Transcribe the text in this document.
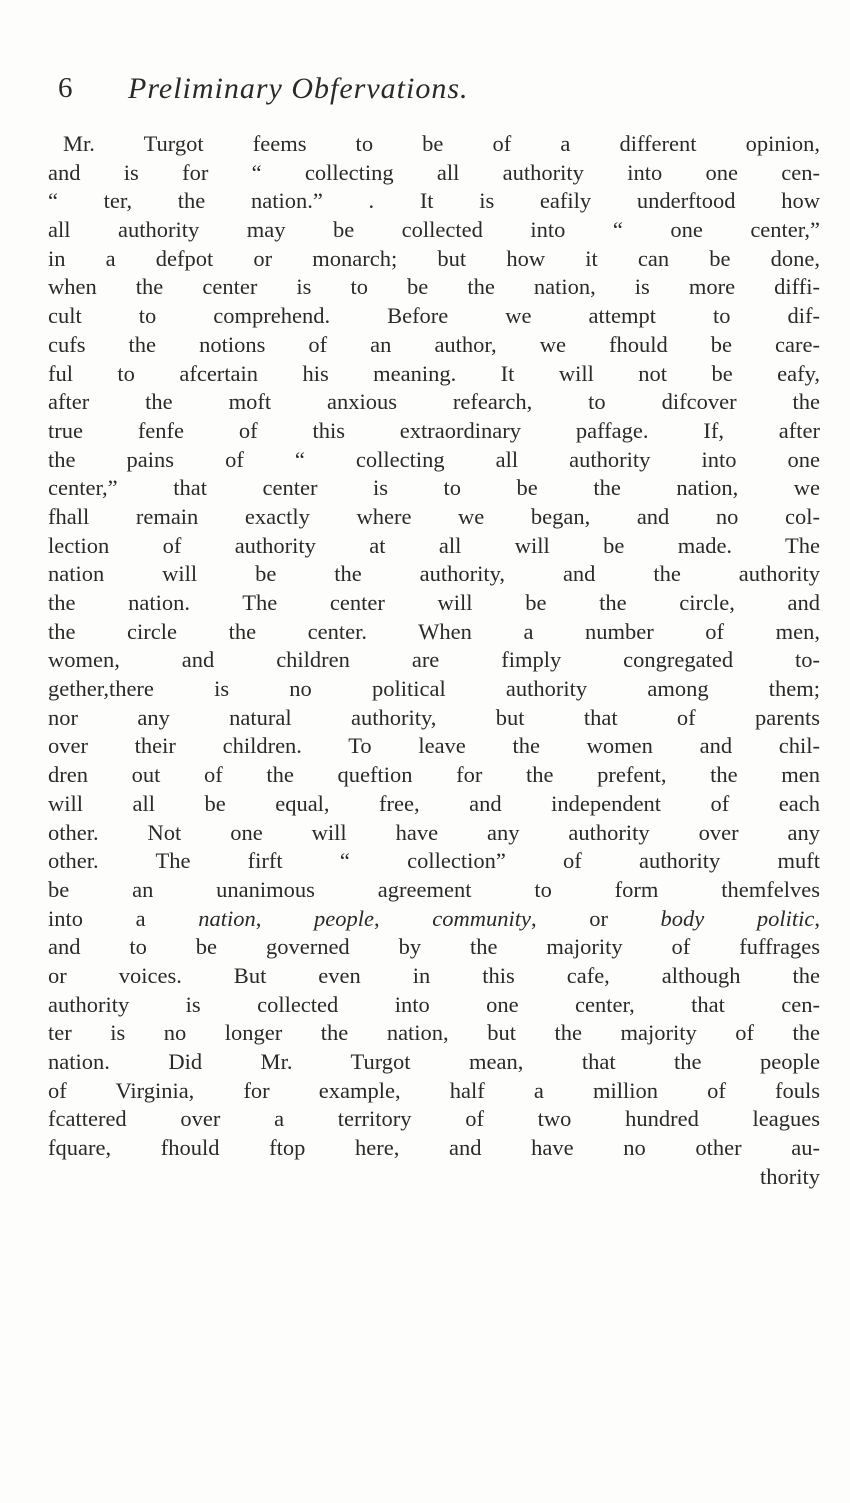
6 Preliminary Obfervations.
Mr. Turgot feems to be of a different opinion,
and is for “ collecting all authority into one cen-
“ ter, the nation.” . It is eafily underftood how
all authority may be collected into “ one center,”
in a defpot or monarch; but how it can be done,
when the center is to be the nation, is more diffi-
cult to comprehend. Before we attempt to dif-
cufs the notions of an author, we fhould be care-
ful to afcertain his meaning. It will not be eafy,
after the moft anxious refearch, to difcover the
true fenfe of this extraordinary paffage. If, after
the pains of “ collecting all authority into one
center,” that center is to be the nation, we
fhall remain exactly where we began, and no col-
lection of authority at all will be made. The
nation will be the authority, and the authority
the nation. The center will be the circle, and
the circle the center. When a number of men,
women, and children are fimply congregated to-
gether,there is no political authority among them;
nor any natural authority, but that of parents
over their children. To leave the women and chil-
dren out of the queftion for the prefent, the men
will all be equal, free, and independent of each
other. Not one will have any authority over any
other. The firft “ collection” of authority muft
be an unanimous agreement to form themfelves
into a nation, people, community, or body politic,
and to be governed by the majority of fuffrages
or voices. But even in this cafe, although the
authority is collected into one center, that cen-
ter is no longer the nation, but the majority of the
nation. Did Mr. Turgot mean, that the people
of Virginia, for example, half a million of fouls
fcattered over a territory of two hundred leagues
fquare, fhould ftop here, and have no other au-
thority
